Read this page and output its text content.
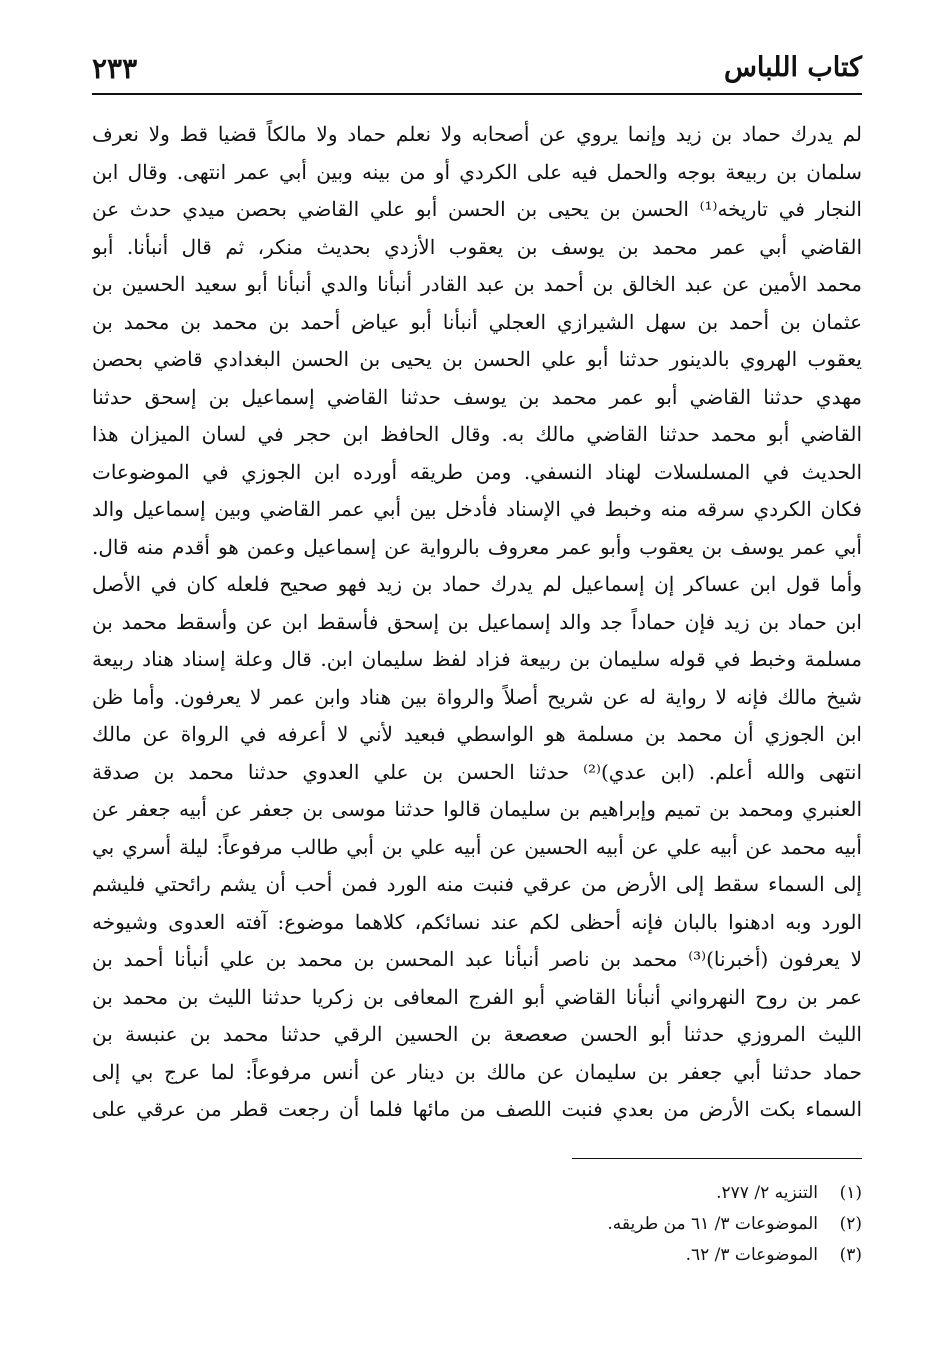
كتاب اللباس
٢٣٣
لم يدرك حماد بن زيد وإنما يروي عن أصحابه ولا نعلم حماد ولا مالكاً قضيا قط ولا نعرف
سلمان بن ربيعة بوجه والحمل فيه على الكردي أو من بينه وبين أبي عمر انتهى. وقال ابن
النجار في تاريخه⁽¹⁾ الحسن بن يحيى بن الحسن أبو علي القاضي بحصن ميدي حدث عن
القاضي أبي عمر محمد بن يوسف بن يعقوب الأزدي بحديث منكر، ثم قال أنبأنا. أبو
محمد الأمين عن عبد الخالق بن أحمد بن عبد القادر أنبأنا والدي أنبأنا أبو سعيد الحسين بن
عثمان بن أحمد بن سهل الشيرازي العجلي أنبأنا أبو عياض أحمد بن محمد بن محمد بن
يعقوب الهروي بالدينور حدثنا أبو علي الحسن بن يحيى بن الحسن البغدادي قاضي بحصن
مهدي حدثنا القاضي أبو عمر محمد بن يوسف حدثنا القاضي إسماعيل بن إسحق حدثنا
القاضي أبو محمد حدثنا القاضي مالك به. وقال الحافظ ابن حجر في لسان الميزان هذا
الحديث في المسلسلات لهناد النسفي. ومن طريقه أورده ابن الجوزي في الموضوعات
فكان الكردي سرقه منه وخبط في الإسناد فأدخل بين أبي عمر القاضي وبين إسماعيل والد
أبي عمر يوسف بن يعقوب وأبو عمر معروف بالرواية عن إسماعيل وعمن هو أقدم منه قال.
وأما قول ابن عساكر إن إسماعيل لم يدرك حماد بن زيد فهو صحيح فلعله كان في الأصل
ابن حماد بن زيد فإن حماداً جد والد إسماعيل بن إسحق فأسقط ابن عن وأسقط محمد بن
مسلمة وخبط في قوله سليمان بن ربيعة فزاد لفظ سليمان ابن. قال وعلة إسناد هناد ربيعة
شيخ مالك فإنه لا رواية له عن شريح أصلاً والرواة بين هناد وابن عمر لا يعرفون. وأما ظن
ابن الجوزي أن محمد بن مسلمة هو الواسطي فبعيد لأني لا أعرفه في الرواة عن مالك
انتهى والله أعلم. (ابن عدي)⁽²⁾ حدثنا الحسن بن علي العدوي حدثنا محمد بن صدقة
العنبري ومحمد بن تميم وإبراهيم بن سليمان قالوا حدثنا موسى بن جعفر عن أبيه جعفر عن
أبيه محمد عن أبيه علي عن أبيه الحسين عن أبيه علي بن أبي طالب مرفوعاً: ليلة أسري بي
إلى السماء سقط إلى الأرض من عرقي فنبت منه الورد فمن أحب أن يشم رائحتي فليشم
الورد وبه ادهنوا بالبان فإنه أحظى لكم عند نسائكم، كلاهما موضوع: آفته العدوى وشيوخه
لا يعرفون (أخبرنا)⁽³⁾ محمد بن ناصر أنبأنا عبد المحسن بن محمد بن علي أنبأنا أحمد بن
عمر بن روح النهرواني أنبأنا القاضي أبو الفرج المعافى بن زكريا حدثنا الليث بن محمد بن
الليث المروزي حدثنا أبو الحسن صعصعة بن الحسين الرقي حدثنا محمد بن عنبسة بن
حماد حدثنا أبي جعفر بن سليمان عن مالك بن دينار عن أنس مرفوعاً: لما عرج بي إلى
السماء بكت الأرض من بعدي فنبت اللصف من مائها فلما أن رجعت قطر من عرقي على
(١)التنزيه ٢/ ٢٧٧.
(٢)الموضوعات ٣/ ٦١ من طريقه.
(٣)الموضوعات ٣/ ٦٢.
